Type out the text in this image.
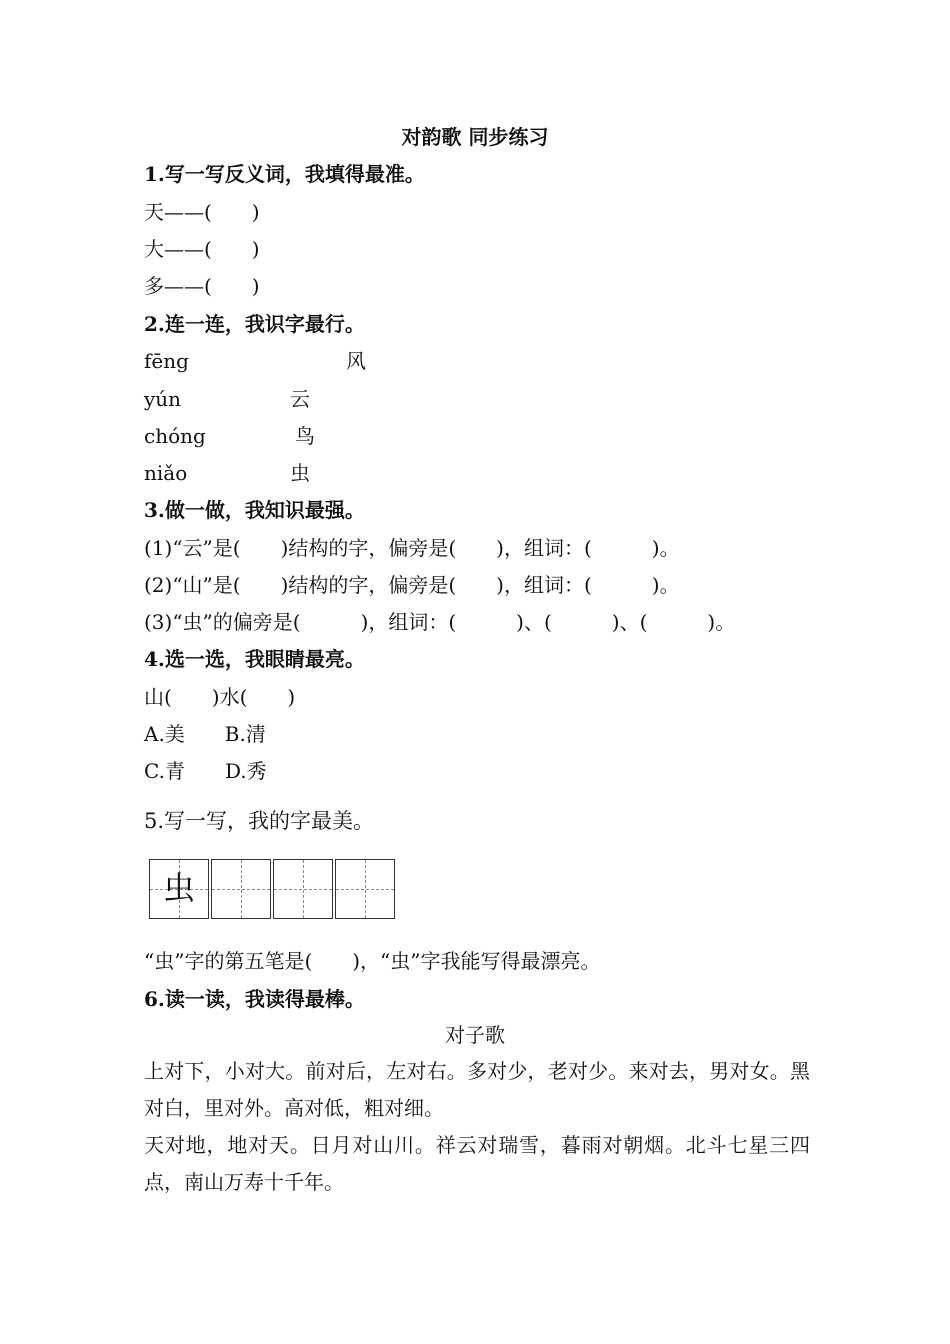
对韵歌 同步练习
1.写一写反义词，我填得最准。
天——(　　)
大——(　　)
多——(　　)
2.连一连，我识字最行。
fēng	风
yún	云
chóng	鸟
niǎo	虫
3.做一做，我知识最强。
(1)“云”是(　　)结构的字，偏旁是(　　)，组词：(　　　)。
(2)“山”是(　　)结构的字，偏旁是(　　)，组词：(　　　)。
(3)“虫”的偏旁是(　　　)，组词：(　　　)、(　　　)、(　　　)。
4.选一选，我眼睛最亮。
山(　　)水(　　)
A.美　　B.清
C.青　　D.秀
5.写一写，我的字最美。
虫
“虫”字的第五笔是(　　)，“虫”字我能写得最漂亮。
6.读一读，我读得最棒。
对子歌
上对下，小对大。前对后，左对右。多对少，老对少。来对去，男对女。黑对白，里对外。高对低，粗对细。
天对地，地对天。日月对山川。祥云对瑞雪，暮雨对朝烟。北斗七星三四点，南山万寿十千年。
